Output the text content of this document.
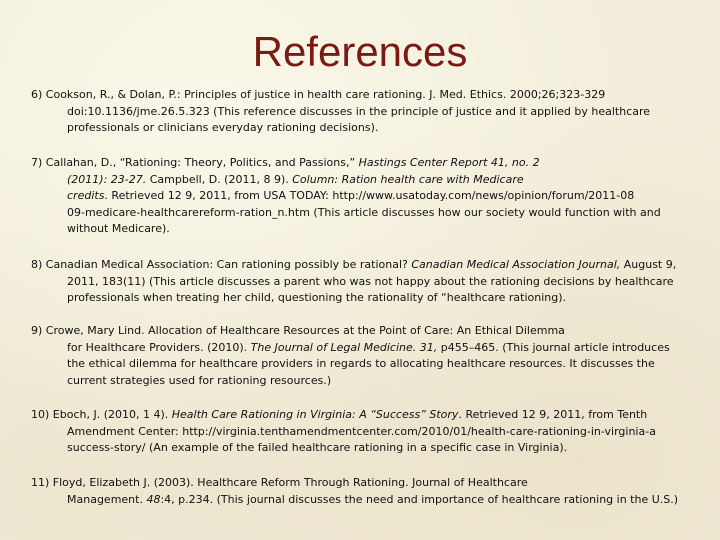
References
6) Cookson, R., & Dolan, P.: Principles of justice in health care rationing. J. Med. Ethics. 2000;26;323-329
doi:10.1136/jme.26.5.323 (This reference discusses in the principle of justice and it applied by healthcare
professionals or clinicians everyday rationing decisions).
7) Callahan, D., “Rationing: Theory, Politics, and Passions,” Hastings Center Report 41, no. 2
(2011): 23-27. Campbell, D. (2011, 8 9). Column: Ration health care with Medicare
credits. Retrieved 12 9, 2011, from USA TODAY: http://www.usatoday.com/news/opinion/forum/2011-08
09-medicare-healthcarereform-ration_n.htm (This article discusses how our society would function with and
without Medicare).
8) Canadian Medical Association: Can rationing possibly be rational? Canadian Medical Association Journal, August 9,
2011, 183(11) (This article discusses a parent who was not happy about the rationing decisions by healthcare
professionals when treating her child, questioning the rationality of “healthcare rationing).
9) Crowe, Mary Lind. Allocation of Healthcare Resources at the Point of Care: An Ethical Dilemma
for Healthcare Providers. (2010). The Journal of Legal Medicine. 31, p455–465. (This journal article introduces
the ethical dilemma for healthcare providers in regards to allocating healthcare resources. It discusses the
current strategies used for rationing resources.)
10) Eboch, J. (2010, 1 4). Health Care Rationing in Virginia: A “Success” Story. Retrieved 12 9, 2011, from Tenth
Amendment Center: http://virginia.tenthamendmentcenter.com/2010/01/health-care-rationing-in-virginia-a
success-story/ (An example of the failed healthcare rationing in a specific case in Virginia).
11) Floyd, Elizabeth J. (2003). Healthcare Reform Through Rationing. Journal of Healthcare
Management. 48:4, p.234. (This journal discusses the need and importance of healthcare rationing in the U.S.)
